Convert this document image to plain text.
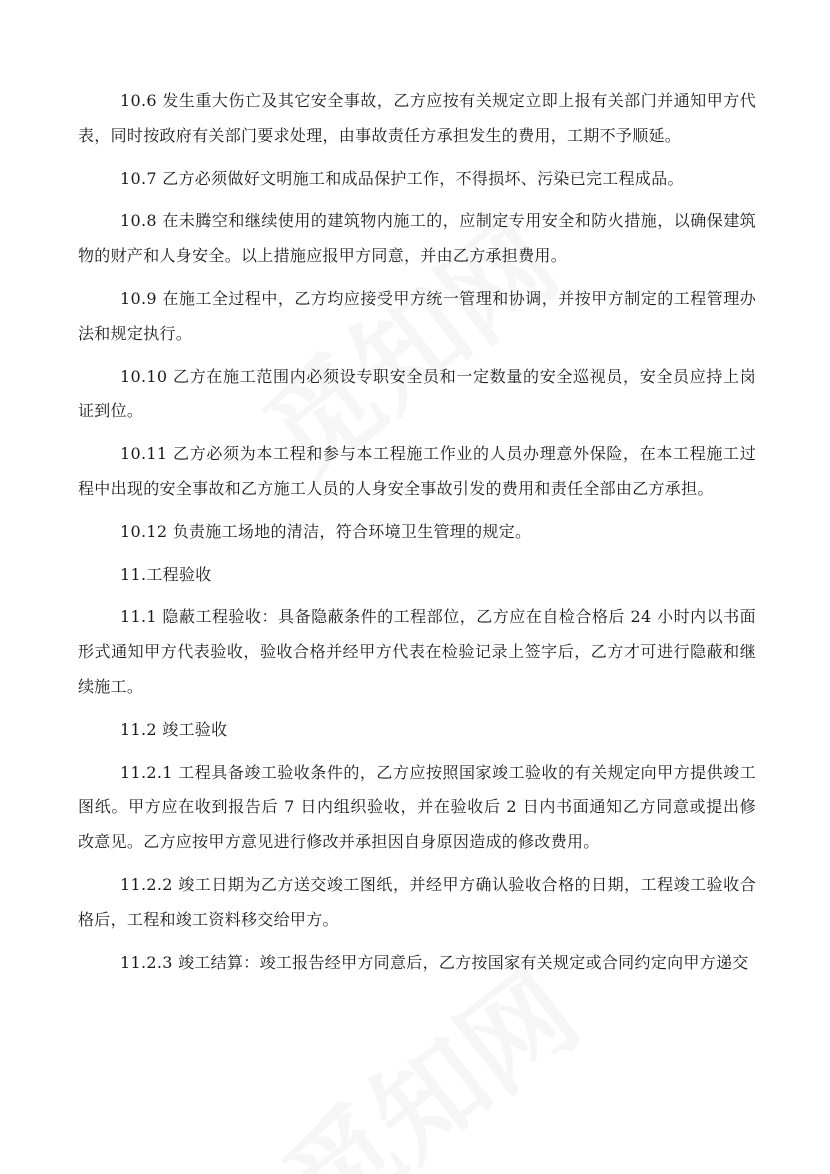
10.6 发生重大伤亡及其它安全事故，乙方应按有关规定立即上报有关部门并通知甲方代表，同时按政府有关部门要求处理，由事故责任方承担发生的费用，工期不予顺延。

10.7 乙方必须做好文明施工和成品保护工作，不得损坏、污染已完工程成品。

10.8 在未腾空和继续使用的建筑物内施工的，应制定专用安全和防火措施，以确保建筑物的财产和人身安全。以上措施应报甲方同意，并由乙方承担费用。

10.9 在施工全过程中，乙方均应接受甲方统一管理和协调，并按甲方制定的工程管理办法和规定执行。

10.10 乙方在施工范围内必须设专职安全员和一定数量的安全巡视员，安全员应持上岗证到位。

10.11 乙方必须为本工程和参与本工程施工作业的人员办理意外保险，在本工程施工过程中出现的安全事故和乙方施工人员的人身安全事故引发的费用和责任全部由乙方承担。

10.12 负责施工场地的清洁，符合环境卫生管理的规定。

11.工程验收

11.1 隐蔽工程验收：具备隐蔽条件的工程部位，乙方应在自检合格后 24 小时内以书面形式通知甲方代表验收，验收合格并经甲方代表在检验记录上签字后，乙方才可进行隐蔽和继续施工。

11.2 竣工验收

11.2.1 工程具备竣工验收条件的，乙方应按照国家竣工验收的有关规定向甲方提供竣工图纸。甲方应在收到报告后 7 日内组织验收，并在验收后 2 日内书面通知乙方同意或提出修改意见。乙方应按甲方意见进行修改并承担因自身原因造成的修改费用。

11.2.2 竣工日期为乙方送交竣工图纸，并经甲方确认验收合格的日期，工程竣工验收合格后，工程和竣工资料移交给甲方。

11.2.3 竣工结算：竣工报告经甲方同意后，乙方按国家有关规定或合同约定向甲方递交
